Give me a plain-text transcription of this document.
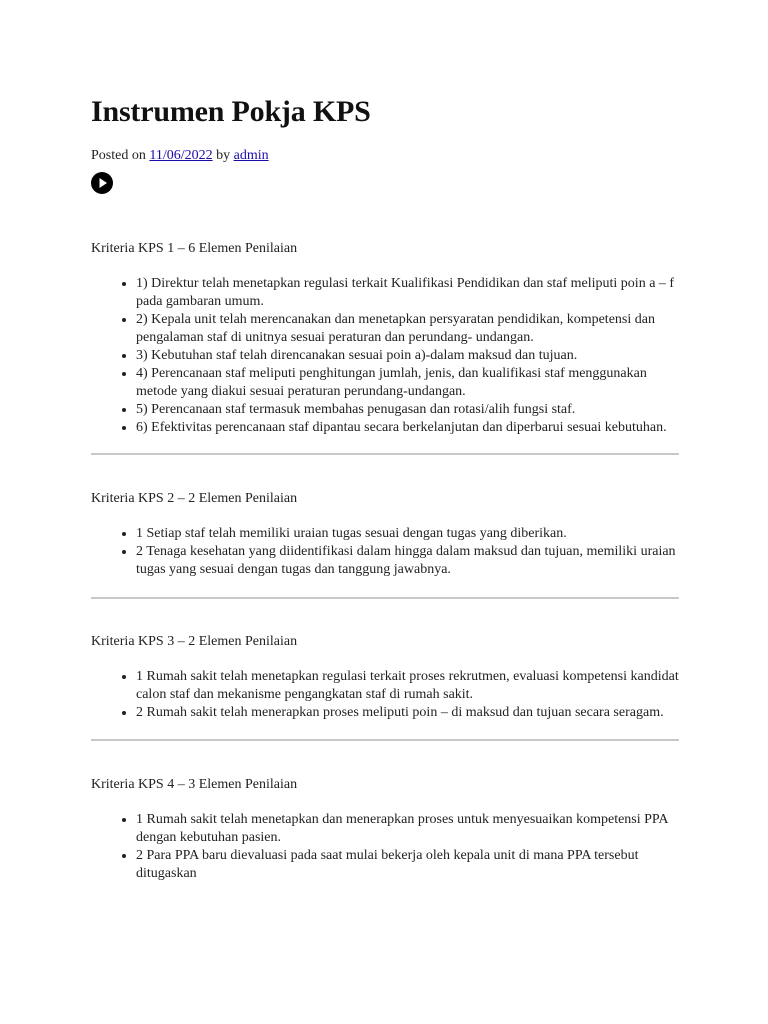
Instrumen Pokja KPS
Posted on 11/06/2022 by admin
Kriteria KPS 1 – 6 Elemen Penilaian
• 1) Direktur telah menetapkan regulasi terkait Kualifikasi Pendidikan dan staf meliputi poin a – f pada gambaran umum.
• 2) Kepala unit telah merencanakan dan menetapkan persyaratan pendidikan, kompetensi dan pengalaman staf di unitnya sesuai peraturan dan perundang- undangan.
• 3) Kebutuhan staf telah direncanakan sesuai poin a)-dalam maksud dan tujuan.
• 4) Perencanaan staf meliputi penghitungan jumlah, jenis, dan kualifikasi staf menggunakan metode yang diakui sesuai peraturan perundang-undangan.
• 5) Perencanaan staf termasuk membahas penugasan dan rotasi/alih fungsi staf.
• 6) Efektivitas perencanaan staf dipantau secara berkelanjutan dan diperbarui sesuai kebutuhan.
Kriteria KPS 2 – 2 Elemen Penilaian
• 1 Setiap staf telah memiliki uraian tugas sesuai dengan tugas yang diberikan.
• 2 Tenaga kesehatan yang diidentifikasi dalam hingga dalam maksud dan tujuan, memiliki uraian tugas yang sesuai dengan tugas dan tanggung jawabnya.
Kriteria KPS 3 – 2 Elemen Penilaian
• 1 Rumah sakit telah menetapkan regulasi terkait proses rekrutmen, evaluasi kompetensi kandidat calon staf dan mekanisme pengangkatan staf di rumah sakit.
• 2 Rumah sakit telah menerapkan proses meliputi poin – di maksud dan tujuan secara seragam.
Kriteria KPS 4 – 3 Elemen Penilaian
• 1 Rumah sakit telah menetapkan dan menerapkan proses untuk menyesuaikan kompetensi PPA dengan kebutuhan pasien.
• 2 Para PPA baru dievaluasi pada saat mulai bekerja oleh kepala unit di mana PPA tersebut ditugaskan
